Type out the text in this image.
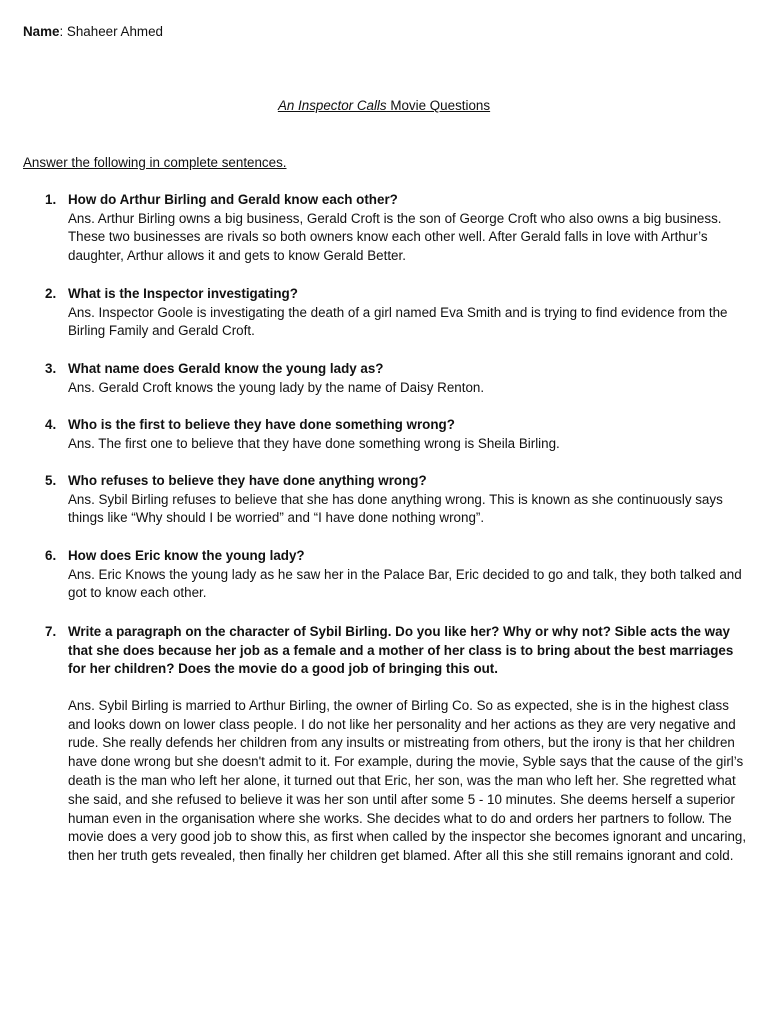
Name: Shaheer Ahmed
An Inspector Calls Movie Questions
Answer the following in complete sentences.
1. How do Arthur Birling and Gerald know each other?
Ans. Arthur Birling owns a big business, Gerald Croft is the son of George Croft who also owns a big business. These two businesses are rivals so both owners know each other well. After Gerald falls in love with Arthur’s daughter, Arthur allows it and gets to know Gerald Better.
2. What is the Inspector investigating?
Ans. Inspector Goole is investigating the death of a girl named Eva Smith and is trying to find evidence from the Birling Family and Gerald Croft.
3. What name does Gerald know the young lady as?
Ans. Gerald Croft knows the young lady by the name of Daisy Renton.
4. Who is the first to believe they have done something wrong?
Ans. The first one to believe that they have done something wrong is Sheila Birling.
5. Who refuses to believe they have done anything wrong?
Ans. Sybil Birling refuses to believe that she has done anything wrong. This is known as she continuously says things like “Why should I be worried” and “I have done nothing wrong”.
6. How does Eric know the young lady?
Ans. Eric Knows the young lady as he saw her in the Palace Bar, Eric decided to go and talk, they both talked and got to know each other.
7. Write a paragraph on the character of Sybil Birling. Do you like her? Why or why not? Sible acts the way that she does because her job as a female and a mother of her class is to bring about the best marriages for her children? Does the movie do a good job of bringing this out.
Ans. Sybil Birling is married to Arthur Birling, the owner of Birling Co. So as expected, she is in the highest class and looks down on lower class people. I do not like her personality and her actions as they are very negative and rude. She really defends her children from any insults or mistreating from others, but the irony is that her children have done wrong but she doesn't admit to it. For example, during the movie, Syble says that the cause of the girl’s death is the man who left her alone, it turned out that Eric, her son, was the man who left her. She regretted what she said, and she refused to believe it was her son until after some 5 - 10 minutes. She deems herself a superior human even in the organisation where she works. She decides what to do and orders her partners to follow. The movie does a very good job to show this, as first when called by the inspector she becomes ignorant and uncaring, then her truth gets revealed, then finally her children get blamed. After all this she still remains ignorant and cold.
